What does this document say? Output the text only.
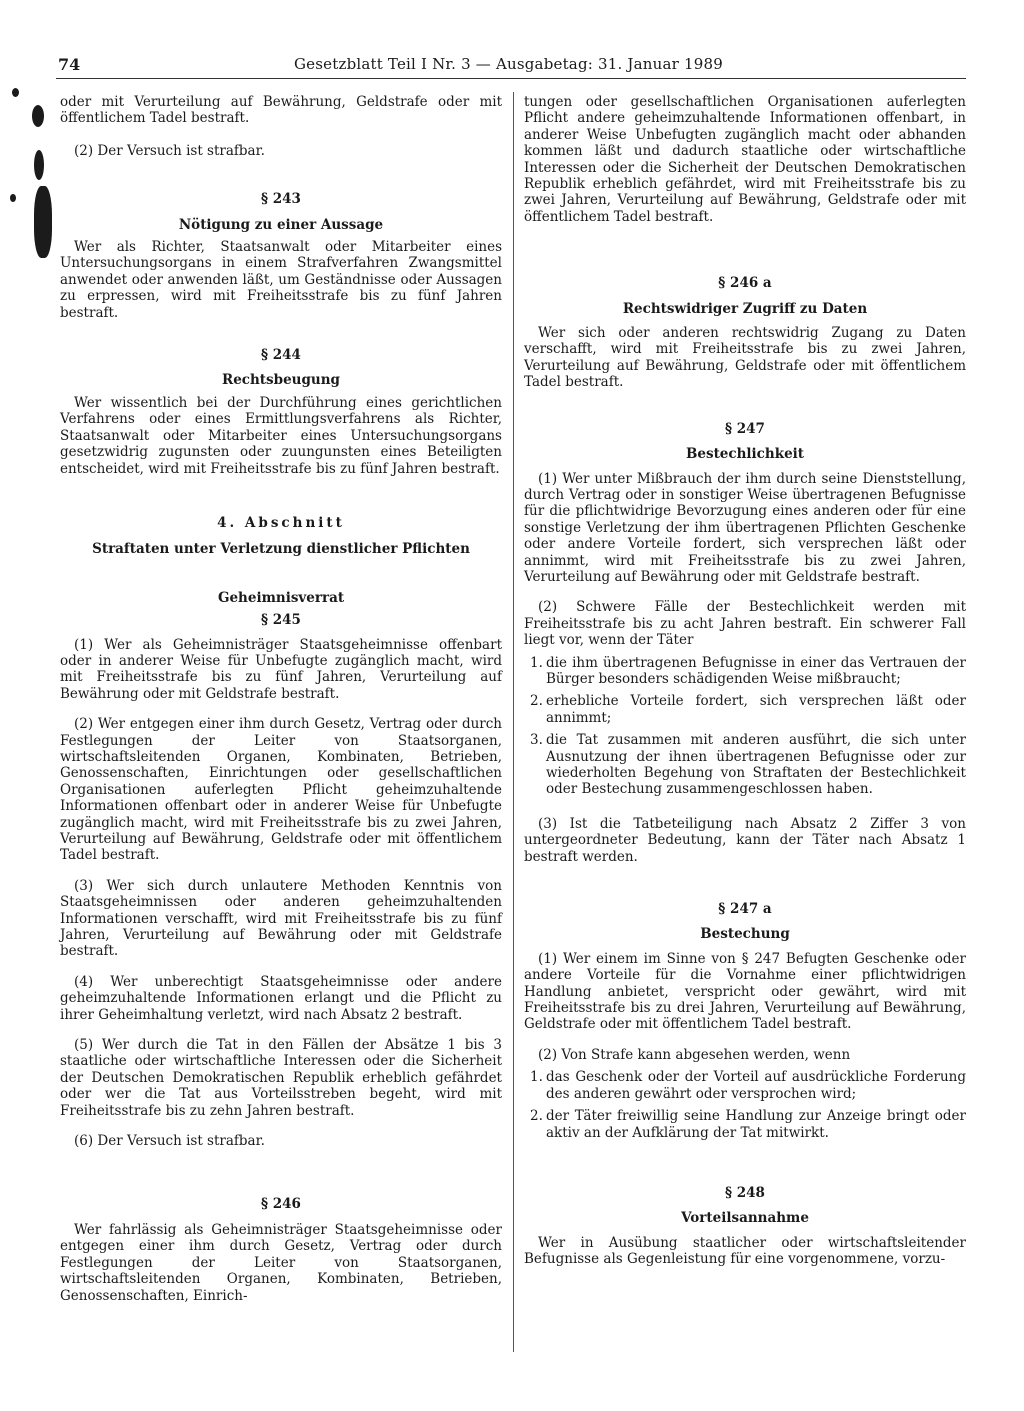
74	Gesetzblatt Teil I Nr. 3 — Ausgabetag: 31. Januar 1989

oder mit Verurteilung auf Bewährung, Geldstrafe oder mit öffentlichem Tadel bestraft.

(2) Der Versuch ist strafbar.

§ 243
Nötigung zu einer Aussage

Wer als Richter, Staatsanwalt oder Mitarbeiter eines Untersuchungsorgans in einem Strafverfahren Zwangsmittel anwendet oder anwenden läßt, um Geständnisse oder Aussagen zu erpressen, wird mit Freiheitsstrafe bis zu fünf Jahren bestraft.

§ 244
Rechtsbeugung

Wer wissentlich bei der Durchführung eines gerichtlichen Verfahrens oder eines Ermittlungsverfahrens als Richter, Staatsanwalt oder Mitarbeiter eines Untersuchungsorgans gesetzwidrig zugunsten oder zuungunsten eines Beteiligten entscheidet, wird mit Freiheitsstrafe bis zu fünf Jahren bestraft.

4. Abschnitt
Straftaten unter Verletzung dienstlicher Pflichten
Geheimnisverrat
§ 245

(1) Wer als Geheimnisträger Staatsgeheimnisse offenbart oder in anderer Weise für Unbefugte zugänglich macht, wird mit Freiheitsstrafe bis zu fünf Jahren, Verurteilung auf Bewährung oder mit Geldstrafe bestraft.

(2) Wer entgegen einer ihm durch Gesetz, Vertrag oder durch Festlegungen der Leiter von Staatsorganen, wirtschaftsleitenden Organen, Kombinaten, Betrieben, Genossenschaften, Einrichtungen oder gesellschaftlichen Organisationen auferlegten Pflicht geheimzuhaltende Informationen offenbart oder in anderer Weise für Unbefugte zugänglich macht, wird mit Freiheitsstrafe bis zu zwei Jahren, Verurteilung auf Bewährung, Geldstrafe oder mit öffentlichem Tadel bestraft.

(3) Wer sich durch unlautere Methoden Kenntnis von Staatsgeheimnissen oder anderen geheimzuhaltenden Informationen verschafft, wird mit Freiheitsstrafe bis zu fünf Jahren, Verurteilung auf Bewährung oder mit Geldstrafe bestraft.

(4) Wer unberechtigt Staatsgeheimnisse oder andere geheimzuhaltende Informationen erlangt und die Pflicht zu ihrer Geheimhaltung verletzt, wird nach Absatz 2 bestraft.

(5) Wer durch die Tat in den Fällen der Absätze 1 bis 3 staatliche oder wirtschaftliche Interessen oder die Sicherheit der Deutschen Demokratischen Republik erheblich gefährdet oder wer die Tat aus Vorteilsstreben begeht, wird mit Freiheitsstrafe bis zu zehn Jahren bestraft.

(6) Der Versuch ist strafbar.

§ 246

Wer fahrlässig als Geheimnisträger Staatsgeheimnisse oder entgegen einer ihm durch Gesetz, Vertrag oder durch Festlegungen der Leiter von Staatsorganen, wirtschaftsleitenden Organen, Kombinaten, Betrieben, Genossenschaften, Einrich-

tungen oder gesellschaftlichen Organisationen auferlegten Pflicht andere geheimzuhaltende Informationen offenbart, in anderer Weise Unbefugten zugänglich macht oder abhanden kommen läßt und dadurch staatliche oder wirtschaftliche Interessen oder die Sicherheit der Deutschen Demokratischen Republik erheblich gefährdet, wird mit Freiheitsstrafe bis zu zwei Jahren, Verurteilung auf Bewährung, Geldstrafe oder mit öffentlichem Tadel bestraft.

§ 246 a
Rechtswidriger Zugriff zu Daten

Wer sich oder anderen rechtswidrig Zugang zu Daten verschafft, wird mit Freiheitsstrafe bis zu zwei Jahren, Verurteilung auf Bewährung, Geldstrafe oder mit öffentlichem Tadel bestraft.

§ 247
Bestechlichkeit

(1) Wer unter Mißbrauch der ihm durch seine Dienststellung, durch Vertrag oder in sonstiger Weise übertragenen Befugnisse für die pflichtwidrige Bevorzugung eines anderen oder für eine sonstige Verletzung der ihm übertragenen Pflichten Geschenke oder andere Vorteile fordert, sich versprechen läßt oder annimmt, wird mit Freiheitsstrafe bis zu zwei Jahren, Verurteilung auf Bewährung oder mit Geldstrafe bestraft.

(2) Schwere Fälle der Bestechlichkeit werden mit Freiheitsstrafe bis zu acht Jahren bestraft. Ein schwerer Fall liegt vor, wenn der Täter

1. die ihm übertragenen Befugnisse in einer das Vertrauen der Bürger besonders schädigenden Weise mißbraucht;
2. erhebliche Vorteile fordert, sich versprechen läßt oder annimmt;
3. die Tat zusammen mit anderen ausführt, die sich unter Ausnutzung der ihnen übertragenen Befugnisse oder zur wiederholten Begehung von Straftaten der Bestechlichkeit oder Bestechung zusammengeschlossen haben.

(3) Ist die Tatbeteiligung nach Absatz 2 Ziffer 3 von untergeordneter Bedeutung, kann der Täter nach Absatz 1 bestraft werden.

§ 247 a
Bestechung

(1) Wer einem im Sinne von § 247 Befugten Geschenke oder andere Vorteile für die Vornahme einer pflichtwidrigen Handlung anbietet, verspricht oder gewährt, wird mit Freiheitsstrafe bis zu drei Jahren, Verurteilung auf Bewährung, Geldstrafe oder mit öffentlichem Tadel bestraft.

(2) Von Strafe kann abgesehen werden, wenn

1. das Geschenk oder der Vorteil auf ausdrückliche Forderung des anderen gewährt oder versprochen wird;
2. der Täter freiwillig seine Handlung zur Anzeige bringt oder aktiv an der Aufklärung der Tat mitwirkt.
§ 248
Vorteilsannahme

Wer in Ausübung staatlicher oder wirtschaftsleitender Befugnisse als Gegenleistung für eine vorgenommene, vorzu-
